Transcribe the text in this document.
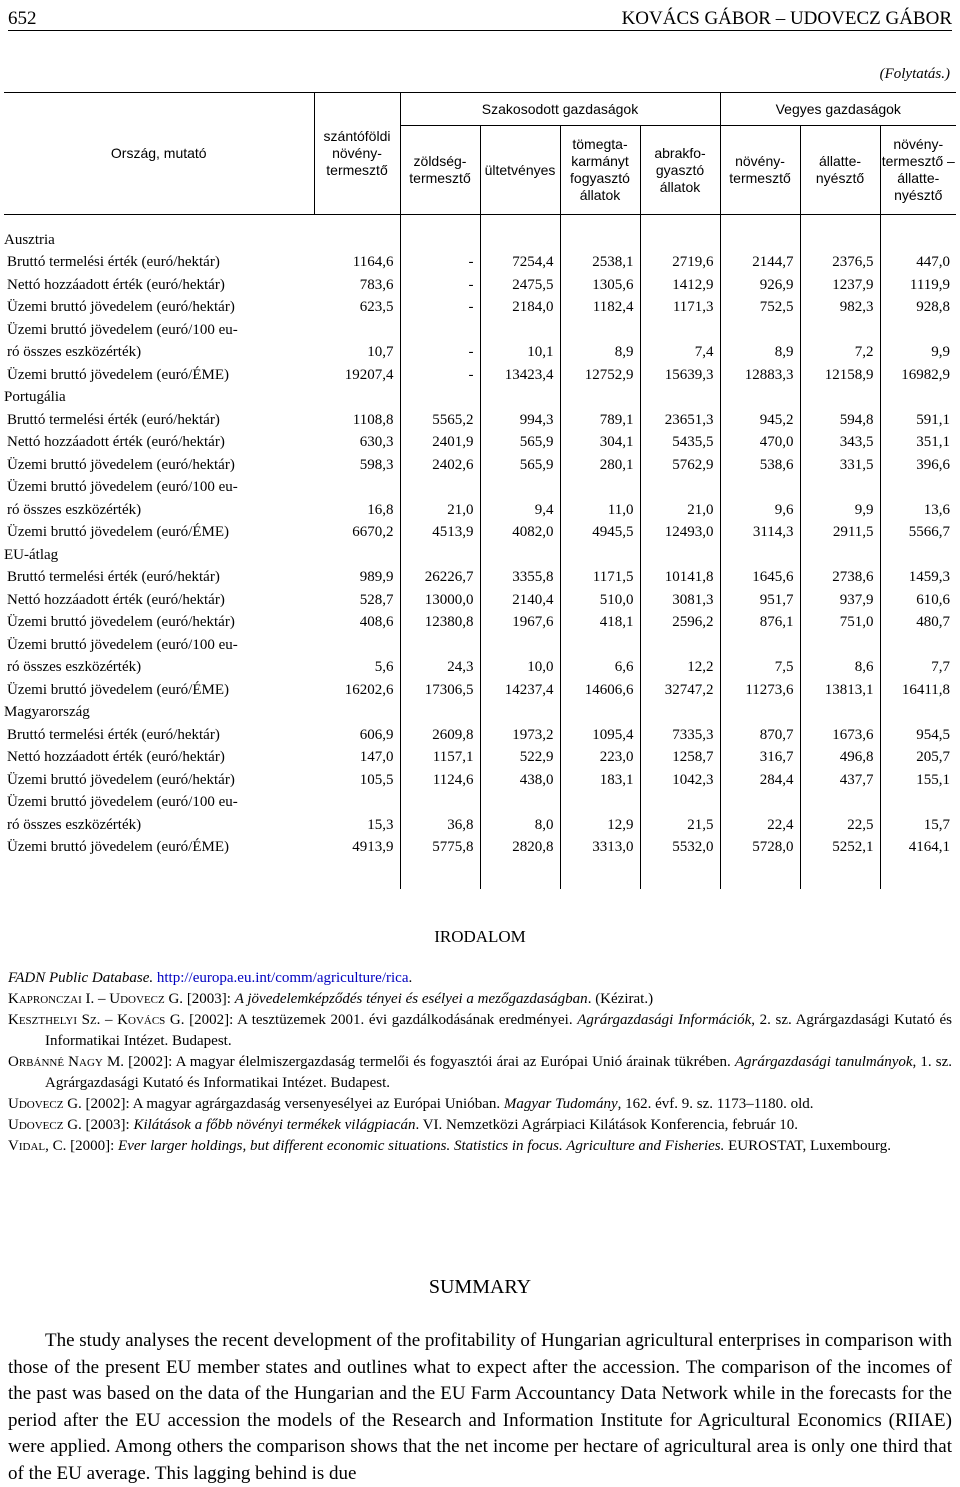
652	KOVÁCS GÁBOR – UDOVECZ GÁBOR
(Folytatás.)
Ország, mutató	szántóföldi növény-termesztő	Szakosodott gazdaságok				Vegyes gazdaságok		
		zöldség-termesztő	ültetvényes	tömegta-karmányt fogyasztó állatok	abrakfo-gyasztó állatok	növény-termesztő	állatte-nyésztő	növény-termesztő – állatte-nyésztő

Ausztria								
Bruttó termelési érték (euró/hektár)	1164,6	-	7254,4	2538,1	2719,6	2144,7	2376,5	447,0
Nettó hozzáadott érték (euró/hektár)	783,6	-	2475,5	1305,6	1412,9	926,9	1237,9	1119,9
Üzemi bruttó jövedelem (euró/hektár)	623,5	-	2184,0	1182,4	1171,3	752,5	982,3	928,8
Üzemi bruttó jövedelem (euró/100 eu-								
ró összes eszközérték)	10,7	-	10,1	8,9	7,4	8,9	7,2	9,9
Üzemi bruttó jövedelem (euró/ÉME)	19207,4	-	13423,4	12752,9	15639,3	12883,3	12158,9	16982,9
Portugália								
Bruttó termelési érték (euró/hektár)	1108,8	5565,2	994,3	789,1	23651,3	945,2	594,8	591,1
Nettó hozzáadott érték (euró/hektár)	630,3	2401,9	565,9	304,1	5435,5	470,0	343,5	351,1
Üzemi bruttó jövedelem (euró/hektár)	598,3	2402,6	565,9	280,1	5762,9	538,6	331,5	396,6
Üzemi bruttó jövedelem (euró/100 eu-								
ró összes eszközérték)	16,8	21,0	9,4	11,0	21,0	9,6	9,9	13,6
Üzemi bruttó jövedelem (euró/ÉME)	6670,2	4513,9	4082,0	4945,5	12493,0	3114,3	2911,5	5566,7
EU-átlag								
Bruttó termelési érték (euró/hektár)	989,9	26226,7	3355,8	1171,5	10141,8	1645,6	2738,6	1459,3
Nettó hozzáadott érték (euró/hektár)	528,7	13000,0	2140,4	510,0	3081,3	951,7	937,9	610,6
Üzemi bruttó jövedelem (euró/hektár)	408,6	12380,8	1967,6	418,1	2596,2	876,1	751,0	480,7
Üzemi bruttó jövedelem (euró/100 eu-								
ró összes eszközérték)	5,6	24,3	10,0	6,6	12,2	7,5	8,6	7,7
Üzemi bruttó jövedelem (euró/ÉME)	16202,6	17306,5	14237,4	14606,6	32747,2	11273,6	13813,1	16411,8
Magyarország								
Bruttó termelési érték (euró/hektár)	606,9	2609,8	1973,2	1095,4	7335,3	870,7	1673,6	954,5
Nettó hozzáadott érték (euró/hektár)	147,0	1157,1	522,9	223,0	1258,7	316,7	496,8	205,7
Üzemi bruttó jövedelem (euró/hektár)	105,5	1124,6	438,0	183,1	1042,3	284,4	437,7	155,1
Üzemi bruttó jövedelem (euró/100 eu-								
ró összes eszközérték)	15,3	36,8	8,0	12,9	21,5	22,4	22,5	15,7
Üzemi bruttó jövedelem (euró/ÉME)	4913,9	5775,8	2820,8	3313,0	5532,0	5728,0	5252,1	4164,1

IRODALOM
FADN Public Database. http://europa.eu.int/comm/agriculture/rica.
Kapronczai I. – Udovecz G. [2003]: A jövedelemképződés tényei és esélyei a mezőgazdaságban. (Kézirat.)
Keszthelyi Sz. – Kovács G. [2002]: A tesztüzemek 2001. évi gazdálkodásának eredményei. Agrárgazdasági Információk, 2. sz. Agrárgazdasági Kutató és Informatikai Intézet. Budapest.
Orbánné Nagy M. [2002]: A magyar élelmiszergazdaság termelői és fogyasztói árai az Európai Unió árainak tükrében. Agrárgazdasági tanulmányok, 1. sz. Agrárgazdasági Kutató és Informatikai Intézet. Budapest.
Udovecz G. [2002]: A magyar agrárgazdaság versenyesélyei az Európai Unióban. Magyar Tudomány, 162. évf. 9. sz. 1173–1180. old.
Udovecz G. [2003]: Kilátások a főbb növényi termékek világpiacán. VI. Nemzetközi Agrárpiaci Kilátások Konferencia, február 10.
Vidal, C. [2000]: Ever larger holdings, but different economic situations. Statistics in focus. Agriculture and Fisheries. EUROSTAT, Luxembourg.
SUMMARY
The study analyses the recent development of the profitability of Hungarian agricultural enterprises in comparison with those of the present EU member states and outlines what to expect after the accession. The comparison of the incomes of the past was based on the data of the Hungarian and the EU Farm Accountancy Data Network while in the forecasts for the period after the EU accession the models of the Research and Information Institute for Agricultural Economics (RIIAE) were applied. Among others the comparison shows that the net income per hectare of agricultural area is only one third that of the EU average. This lagging behind is due
